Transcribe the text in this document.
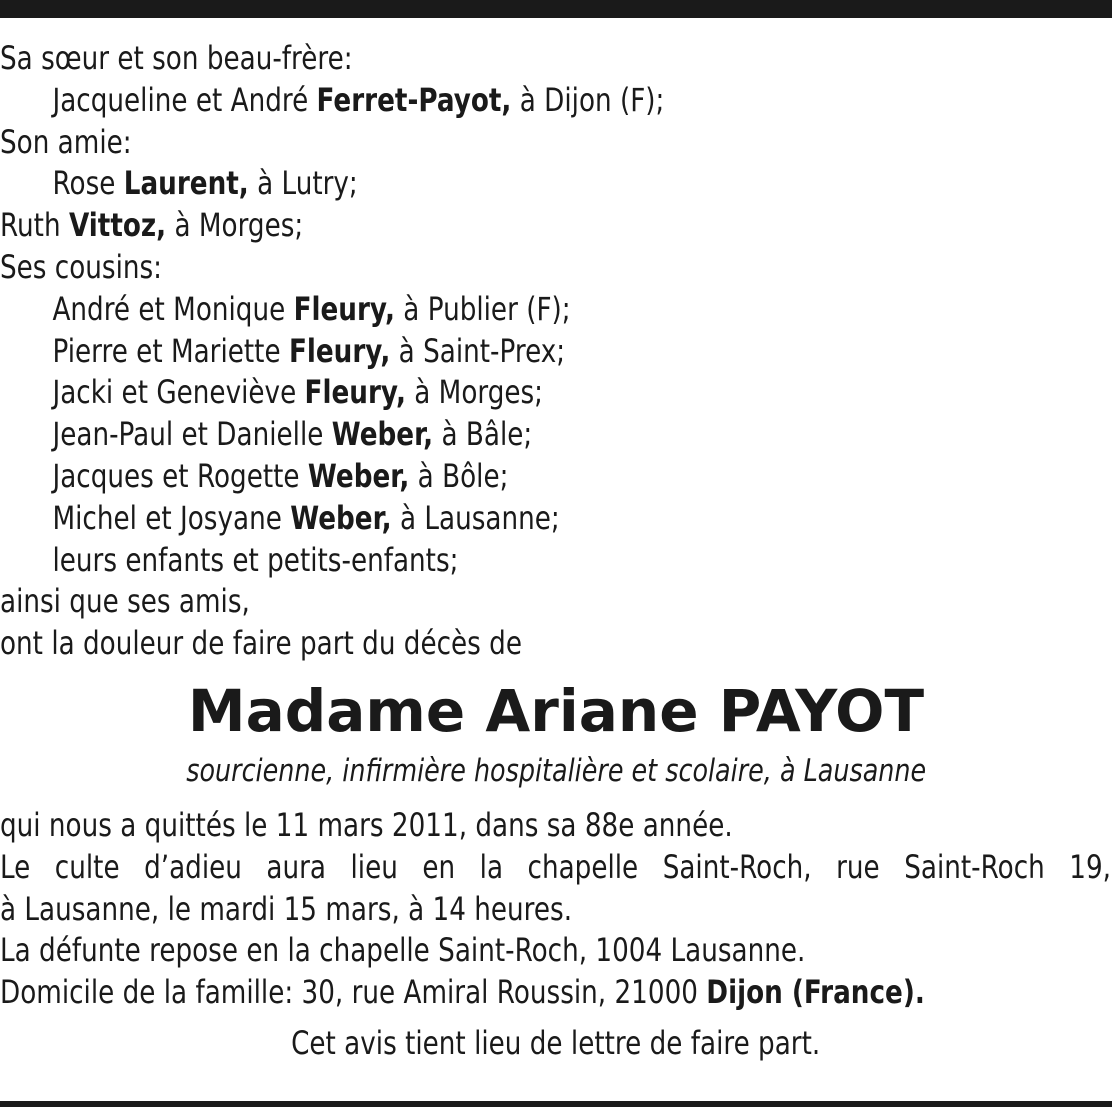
Sa sœur et son beau-frère:
Jacqueline et André Ferret-Payot, à Dijon (F);
Son amie:
Rose Laurent, à Lutry;
Ruth Vittoz, à Morges;
Ses cousins:
André et Monique Fleury, à Publier (F);
Pierre et Mariette Fleury, à Saint-Prex;
Jacki et Geneviève Fleury, à Morges;
Jean-Paul et Danielle Weber, à Bâle;
Jacques et Rogette Weber, à Bôle;
Michel et Josyane Weber, à Lausanne;
leurs enfants et petits-enfants;
ainsi que ses amis,
ont la douleur de faire part du décès de
Madame Ariane PAYOT
sourcienne, infirmière hospitalière et scolaire, à Lausanne
qui nous a quittés le 11 mars 2011, dans sa 88e année.
Le culte d’adieu aura lieu en la chapelle Saint-Roch, rue Saint-Roch 19,
à Lausanne, le mardi 15 mars, à 14 heures.
La défunte repose en la chapelle Saint-Roch, 1004 Lausanne.
Domicile de la famille: 30, rue Amiral Roussin, 21000 Dijon (France).
Cet avis tient lieu de lettre de faire part.
